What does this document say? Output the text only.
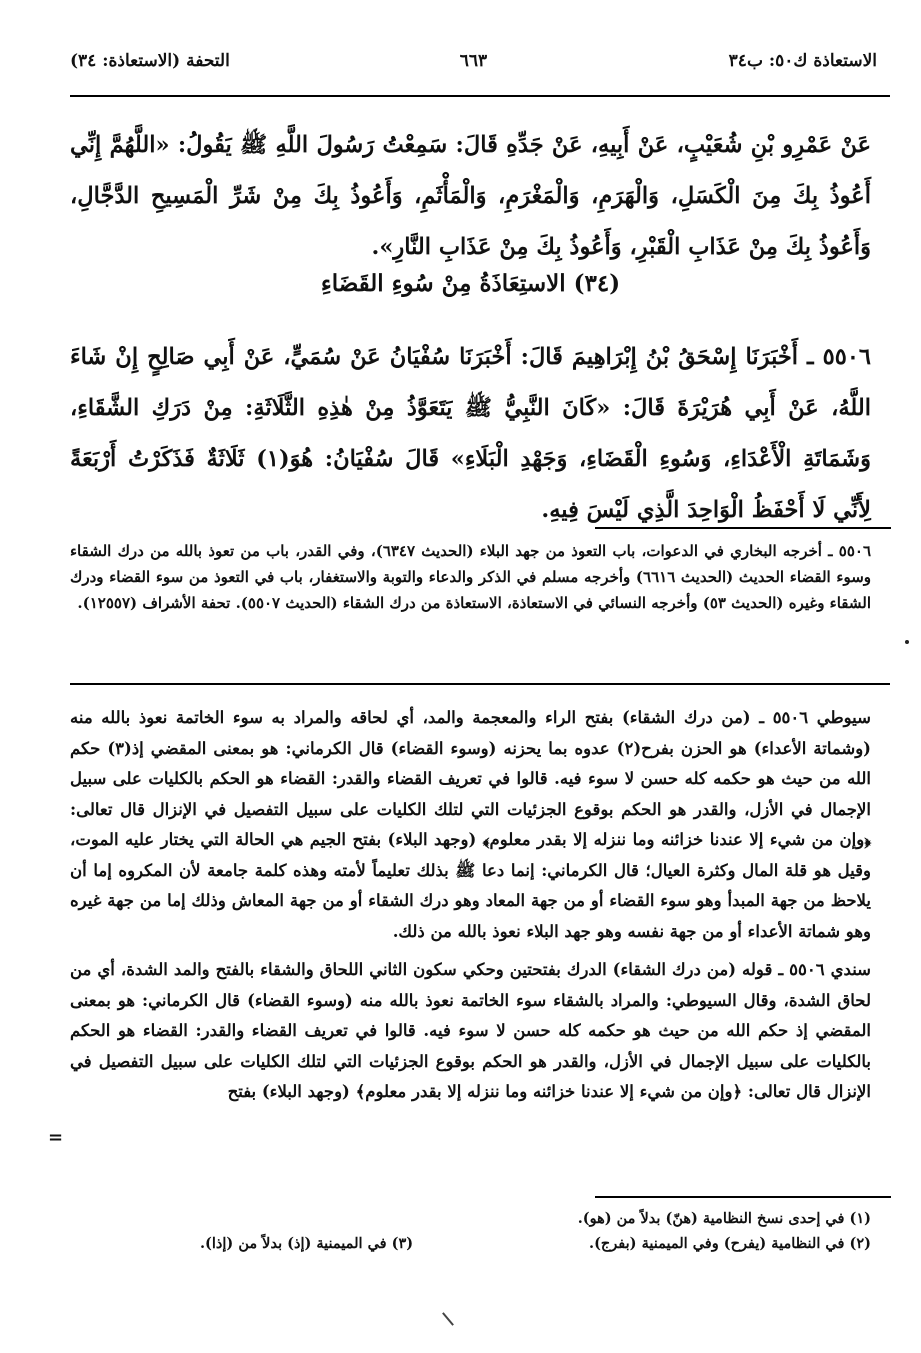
الاستعاذة ك٥٠: ب٣٤
٦٦٣
التحفة (الاستعاذة: ٣٤)

عَنْ عَمْرِو بْنِ شُعَيْبٍ، عَنْ أَبِيهِ، عَنْ جَدِّهِ قَالَ: سَمِعْتُ رَسُولَ اللَّهِ ﷺ يَقُولُ: «اللَّهُمَّ إِنِّي أَعُوذُ بِكَ مِنَ الْكَسَلِ، وَالْهَرَمِ، وَالْمَغْرَمِ، وَالْمَأْثَمِ، وَأَعُوذُ بِكَ مِنْ شَرِّ الْمَسِيحِ الدَّجَّالِ، وَأَعُوذُ بِكَ مِنْ عَذَابِ الْقَبْرِ، وَأَعُوذُ بِكَ مِنْ عَذَابِ النَّارِ».

(٣٤) الاستِعَاذَةُ مِنْ سُوءِ القَضَاءِ

٥٥٠٦ ـ أَخْبَرَنَا إِسْحَقُ بْنُ إِبْرَاهِيمَ قَالَ: أَخْبَرَنَا سُفْيَانُ عَنْ سُمَيٍّ، عَنْ أَبِي صَالِحٍ إِنْ شَاءَ اللَّهُ، عَنْ أَبِي هُرَيْرَةَ قَالَ: «كَانَ النَّبِيُّ ﷺ يَتَعَوَّذُ مِنْ هٰذِهِ الثَّلَاثَةِ: مِنْ دَرَكِ الشَّقَاءِ، وَشَمَاتَةِ الْأَعْدَاءِ، وَسُوءِ الْقَضَاءِ، وَجَهْدِ الْبَلَاءِ» قَالَ سُفْيَانُ: هُوَ(١) ثَلَاثَةٌ فَذَكَرْتُ أَرْبَعَةً لِأَنِّي لَا أَحْفَظُ الْوَاحِدَ الَّذِي لَيْسَ فِيهِ.

٥٥٠٦ ـ أخرجه البخاري في الدعوات، باب التعوذ من جهد البلاء (الحديث ٦٣٤٧)، وفي القدر، باب من تعوذ بالله من درك الشقاء وسوء القضاء الحديث (الحديث ٦٦١٦) وأخرجه مسلم في الذكر والدعاء والتوبة والاستغفار، باب في التعوذ من سوء القضاء ودرك الشقاء وغيره (الحديث ٥٣) وأخرجه النسائي في الاستعاذة، الاستعاذة من درك الشقاء (الحديث ٥٥٠٧). تحفة الأشراف (١٢٥٥٧).

سيوطي ٥٥٠٦ ـ (من درك الشقاء) بفتح الراء والمعجمة والمد، أي لحاقه والمراد به سوء الخاتمة نعوذ بالله منه (وشماتة الأعداء) هو الحزن بفرح(٢) عدوه بما يحزنه (وسوء القضاء) قال الكرماني: هو بمعنى المقضي إذ(٣) حكم الله من حيث هو حكمه كله حسن لا سوء فيه. قالوا في تعريف القضاء والقدر: القضاء هو الحكم بالكليات على سبيل الإجمال في الأزل، والقدر هو الحكم بوقوع الجزئيات التي لتلك الكليات على سبيل التفصيل في الإنزال قال تعالى: ﴿وإن من شيء إلا عندنا خزائنه وما ننزله إلا بقدر معلوم﴾ (وجهد البلاء) بفتح الجيم هي الحالة التي يختار عليه الموت، وقيل هو قلة المال وكثرة العيال؛ قال الكرماني: إنما دعا ﷺ بذلك تعليماً لأمته وهذه كلمة جامعة لأن المكروه إما أن يلاحظ من جهة المبدأ وهو سوء القضاء أو من جهة المعاد وهو درك الشقاء أو من جهة المعاش وذلك إما من جهة غيره وهو شماتة الأعداء أو من جهة نفسه وهو جهد البلاء نعوذ بالله من ذلك.

سندي ٥٥٠٦ ـ قوله (من درك الشقاء) الدرك بفتحتين وحكي سكون الثاني اللحاق والشقاء بالفتح والمد الشدة، أي من لحاق الشدة، وقال السيوطي: والمراد بالشقاء سوء الخاتمة نعوذ بالله منه (وسوء القضاء) قال الكرماني: هو بمعنى المقضي إذ حكم الله من حيث هو حكمه كله حسن لا سوء فيه. قالوا في تعريف القضاء والقدر: القضاء هو الحكم بالكليات على سبيل الإجمال في الأزل، والقدر هو الحكم بوقوع الجزئيات التي لتلك الكليات على سبيل التفصيل في الإنزال قال تعالى: ﴿وإن من شيء إلا عندنا خزائنه وما ننزله إلا بقدر معلوم﴾ (وجهد البلاء) بفتح

=
(١) في إحدى نسخ النظامية (هنّ) بدلاً من (هو).
(٢) في النظامية (يفرح) وفي الميمنية (بفرج).
(٣) في الميمنية (إذ) بدلاً من (إذا).
